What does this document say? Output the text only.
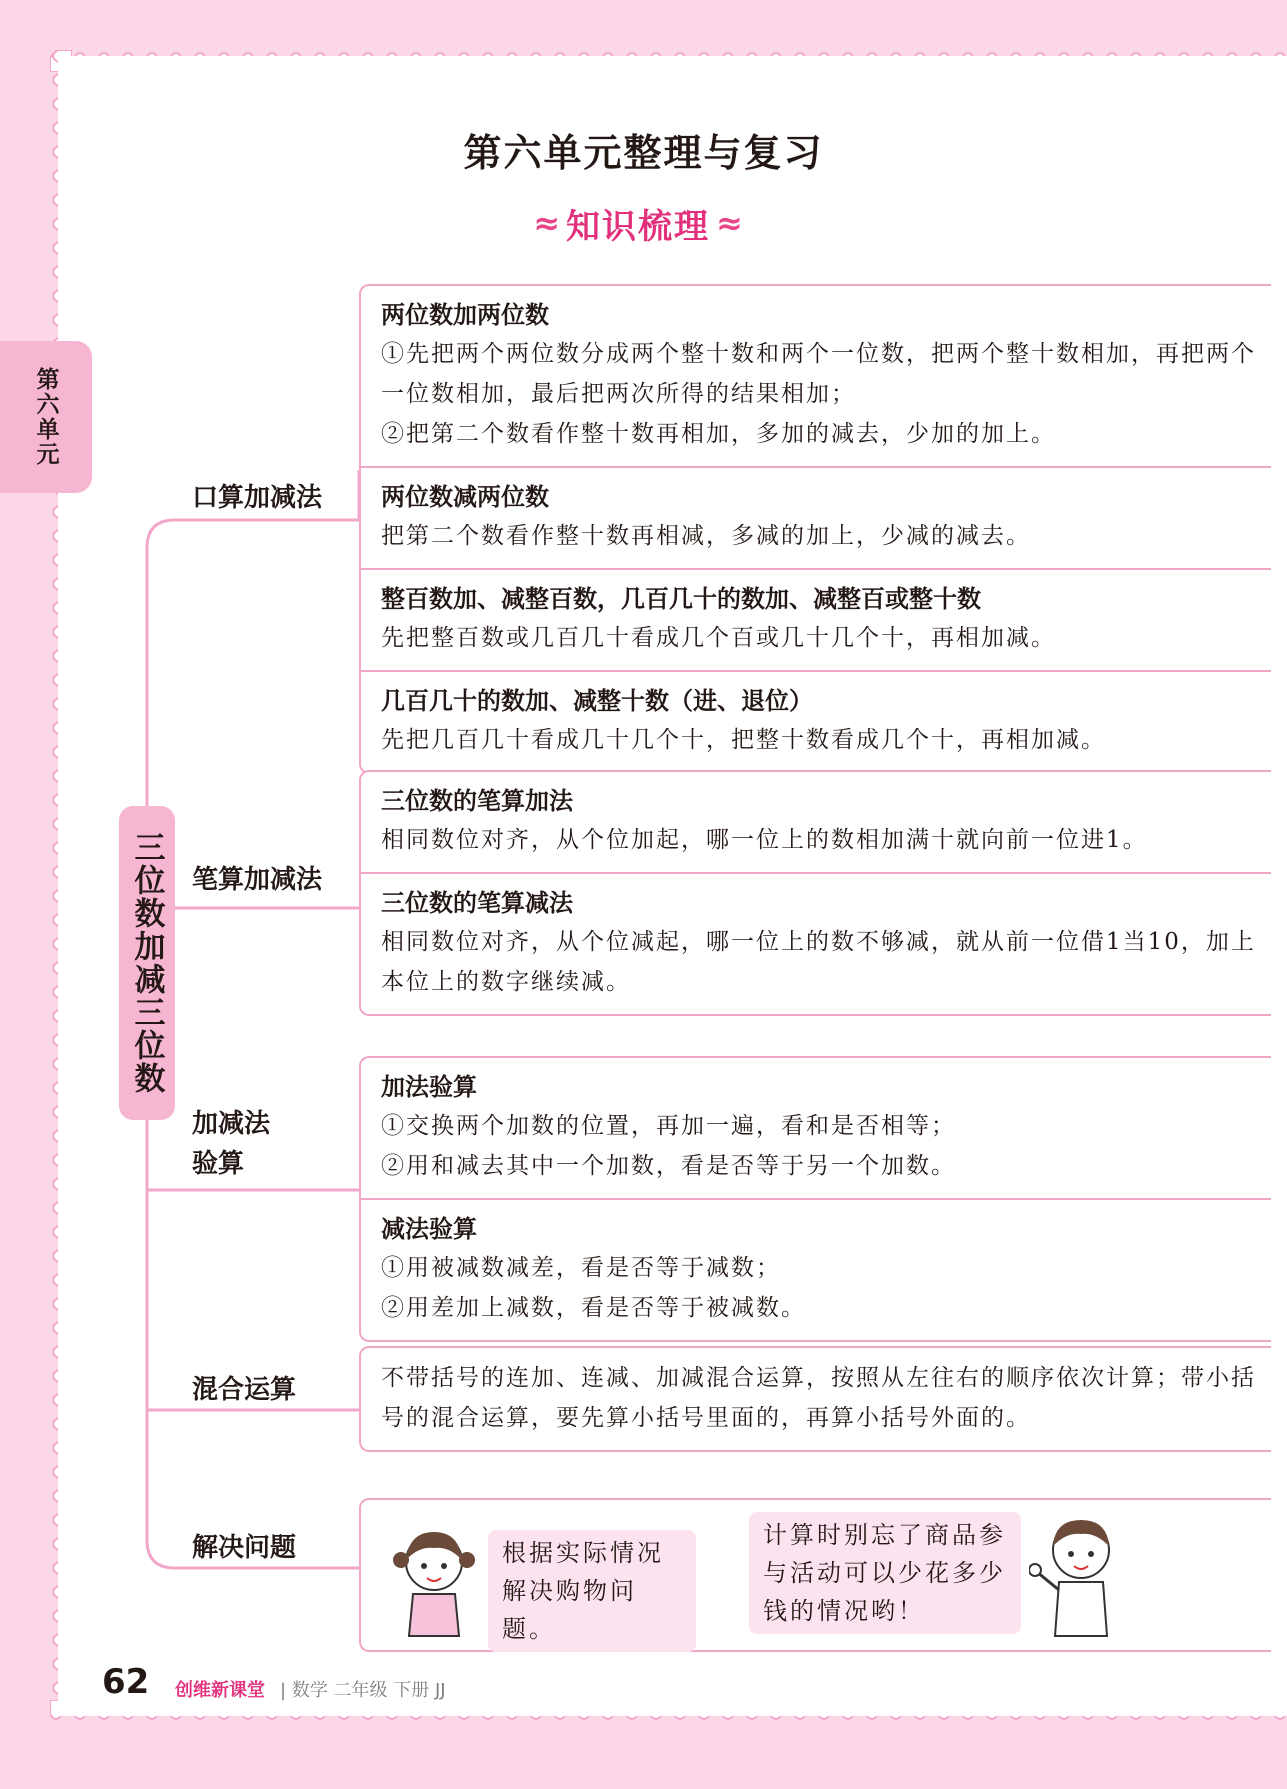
第六单元
第六单元整理与复习
≈ 知识梳理 ≈
三位数加减三位数
口算加减法
笔算加减法
加减法
验算
混合运算
解决问题
两位数加两位数
①先把两个两位数分成两个整十数和两个一位数，把两个整十数相加，再把两个一位数相加，最后把两次所得的结果相加；
②把第二个数看作整十数再相加，多加的减去，少加的加上。
两位数减两位数
把第二个数看作整十数再相减，多减的加上，少减的减去。
整百数加、减整百数，几百几十的数加、减整百或整十数
先把整百数或几百几十看成几个百或几十几个十，再相加减。
几百几十的数加、减整十数（进、退位）
先把几百几十看成几十几个十，把整十数看成几个十，再相加减。
三位数的笔算加法
相同数位对齐，从个位加起，哪一位上的数相加满十就向前一位进1。
三位数的笔算减法
相同数位对齐，从个位减起，哪一位上的数不够减，就从前一位借1当10，加上本位上的数字继续减。
加法验算
①交换两个加数的位置，再加一遍，看和是否相等；
②用和减去其中一个加数，看是否等于另一个加数。
减法验算
①用被减数减差，看是否等于减数；
②用差加上减数，看是否等于被减数。
不带括号的连加、连减、加减混合运算，按照从左往右的顺序依次计算；带小括号的混合运算，要先算小括号里面的，再算小括号外面的。
根据实际情况解决购物问题。
计算时别忘了商品参与活动可以少花多少钱的情况哟！
62 创维新课堂 | 数学 二年级 下册 JJ
